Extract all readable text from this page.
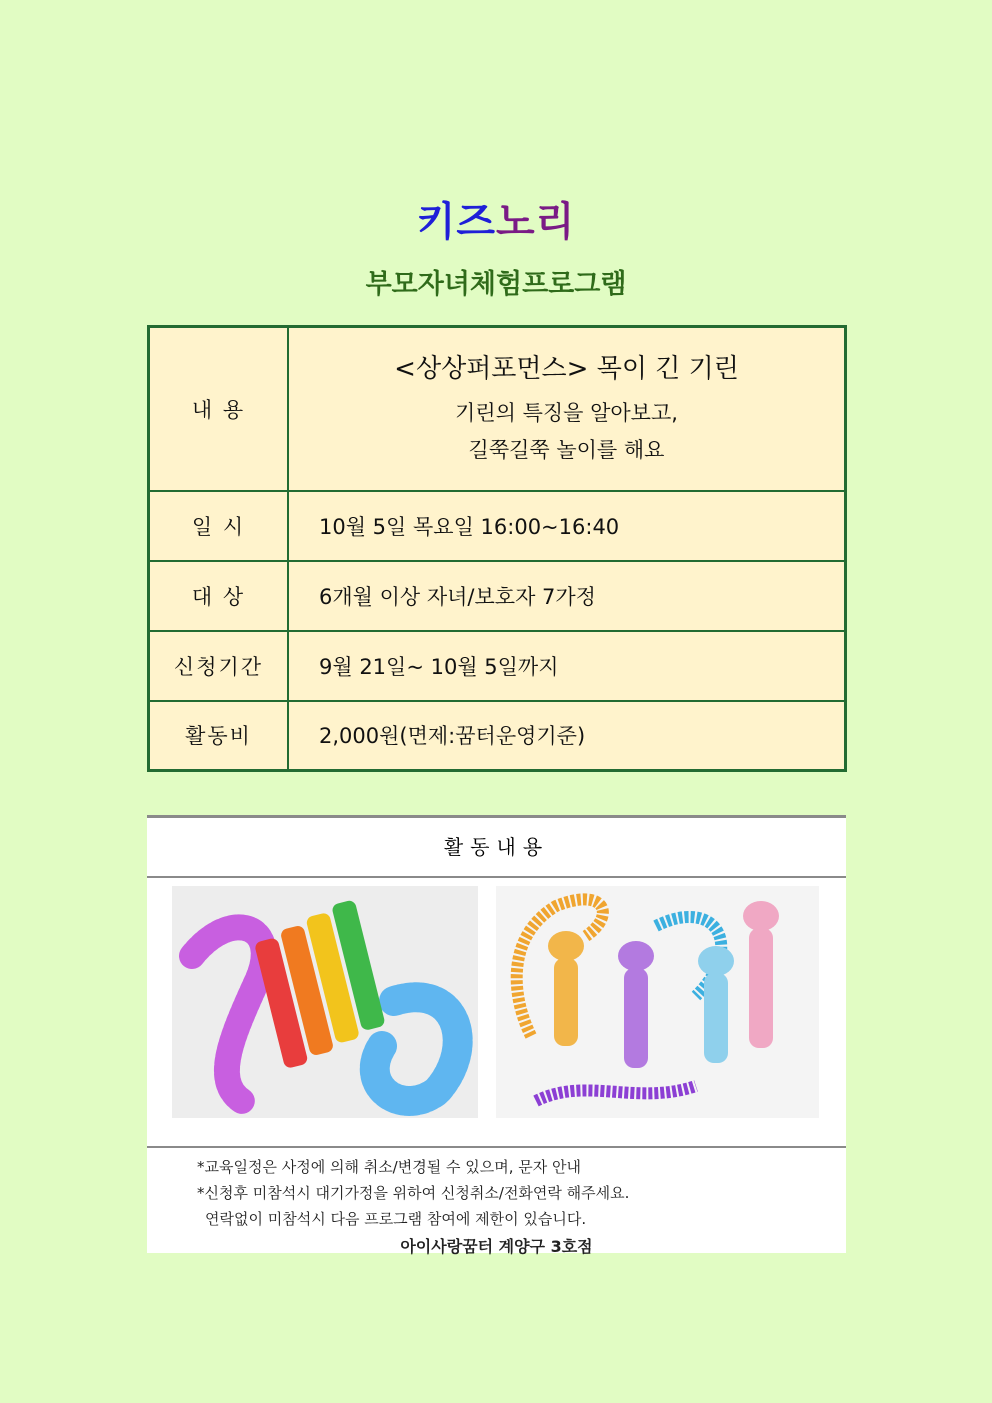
키즈노리
부모자녀체험프로그램
내 용	<상상퍼포먼스> 목이 긴 기린
기린의 특징을 알아보고,
길쭉길쭉 놀이를 해요

일 시	10월 5일 목요일 16:00~16:40
대 상	6개월 이상 자녀/보호자 7가정
신청기간	9월 21일~ 10월 5일까지
활동비	2,000원(면제:꿈터운영기준)
활동내용
*교육일정은 사정에 의해 취소/변경될 수 있으며, 문자 안내
*신청후 미참석시 대기가정을 위하여 신청취소/전화연락 해주세요.
연락없이 미참석시 다음 프로그램 참여에 제한이 있습니다.
아이사랑꿈터 계양구 3호점
